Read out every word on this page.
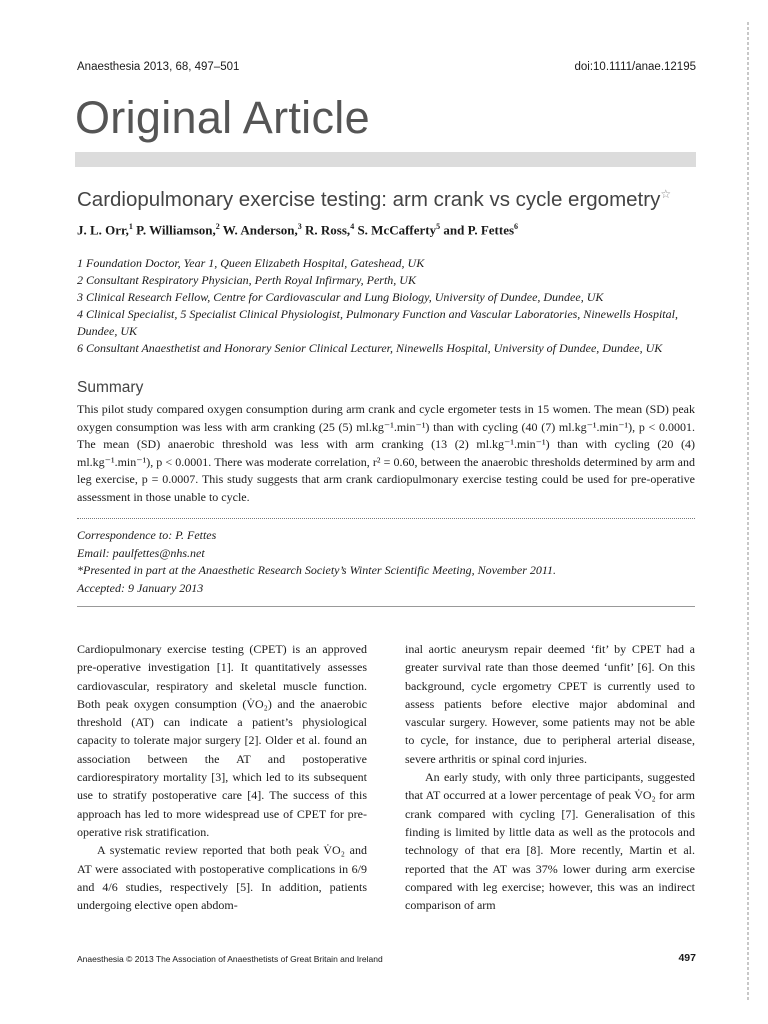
Anaesthesia 2013, 68, 497–501	doi:10.1111/anae.12195
Original Article
Cardiopulmonary exercise testing: arm crank vs cycle ergometry☆
J. L. Orr,$^1$ P. Williamson,$^2$ W. Anderson,$^3$ R. Ross,$^4$ S. McCafferty$^5$ and P. Fettes$^6$
1 Foundation Doctor, Year 1, Queen Elizabeth Hospital, Gateshead, UK
2 Consultant Respiratory Physician, Perth Royal Infirmary, Perth, UK
3 Clinical Research Fellow, Centre for Cardiovascular and Lung Biology, University of Dundee, Dundee, UK
4 Clinical Specialist, 5 Specialist Clinical Physiologist, Pulmonary Function and Vascular Laboratories, Ninewells Hospital, Dundee, UK
6 Consultant Anaesthetist and Honorary Senior Clinical Lecturer, Ninewells Hospital, University of Dundee, Dundee, UK
Summary

This pilot study compared oxygen consumption during arm crank and cycle ergometer tests in 15 women. The mean (SD) peak oxygen consumption was less with arm cranking (25 (5) ml.kg⁻¹.min⁻¹) than with cycling (40 (7) ml.kg⁻¹.min⁻¹), p < 0.0001. The mean (SD) anaerobic threshold was less with arm cranking (13 (2) ml.kg⁻¹.min⁻¹) than with cycling (20 (4) ml.kg⁻¹.min⁻¹), p < 0.0001. There was moderate correlation, r² = 0.60, between the anaerobic thresholds determined by arm and leg exercise, p = 0.0007. This study suggests that arm crank cardiopulmonary exercise testing could be used for pre-operative assessment in those unable to cycle.

Correspondence to: P. Fettes
Email: paulfettes@nhs.net
*Presented in part at the Anaesthetic Research Society’s Winter Scientific Meeting, November 2011.
Accepted: 9 January 2013

Cardiopulmonary exercise testing (CPET) is an approved pre-operative investigation [1]. It quantitatively assesses cardiovascular, respiratory and skeletal muscle function. Both peak oxygen consumption (V̇O₂) and the anaerobic threshold (AT) can indicate a patient’s physiological capacity to tolerate major surgery [2]. Older et al. found an association between the AT and postoperative cardiorespiratory mortality [3], which led to its subsequent use to stratify postoperative care [4]. The success of this approach has led to more widespread use of CPET for pre-operative risk stratification.

A systematic review reported that both peak V̇O₂ and AT were associated with postoperative complications in 6/9 and 4/6 studies, respectively [5]. In addition, patients undergoing elective open abdom-

inal aortic aneurysm repair deemed ‘fit’ by CPET had a greater survival rate than those deemed ‘unfit’ [6]. On this background, cycle ergometry CPET is currently used to assess patients before elective major abdominal and vascular surgery. However, some patients may not be able to cycle, for instance, due to peripheral arterial disease, severe arthritis or spinal cord injuries.

An early study, with only three participants, suggested that AT occurred at a lower percentage of peak V̇O₂ for arm crank compared with cycling [7]. Generalisation of this finding is limited by little data as well as the protocols and technology of that era [8]. More recently, Martin et al. reported that the AT was 37% lower during arm exercise compared with leg exercise; however, this was an indirect comparison of arm

Anaesthesia © 2013 The Association of Anaesthetists of Great Britain and Ireland	497
